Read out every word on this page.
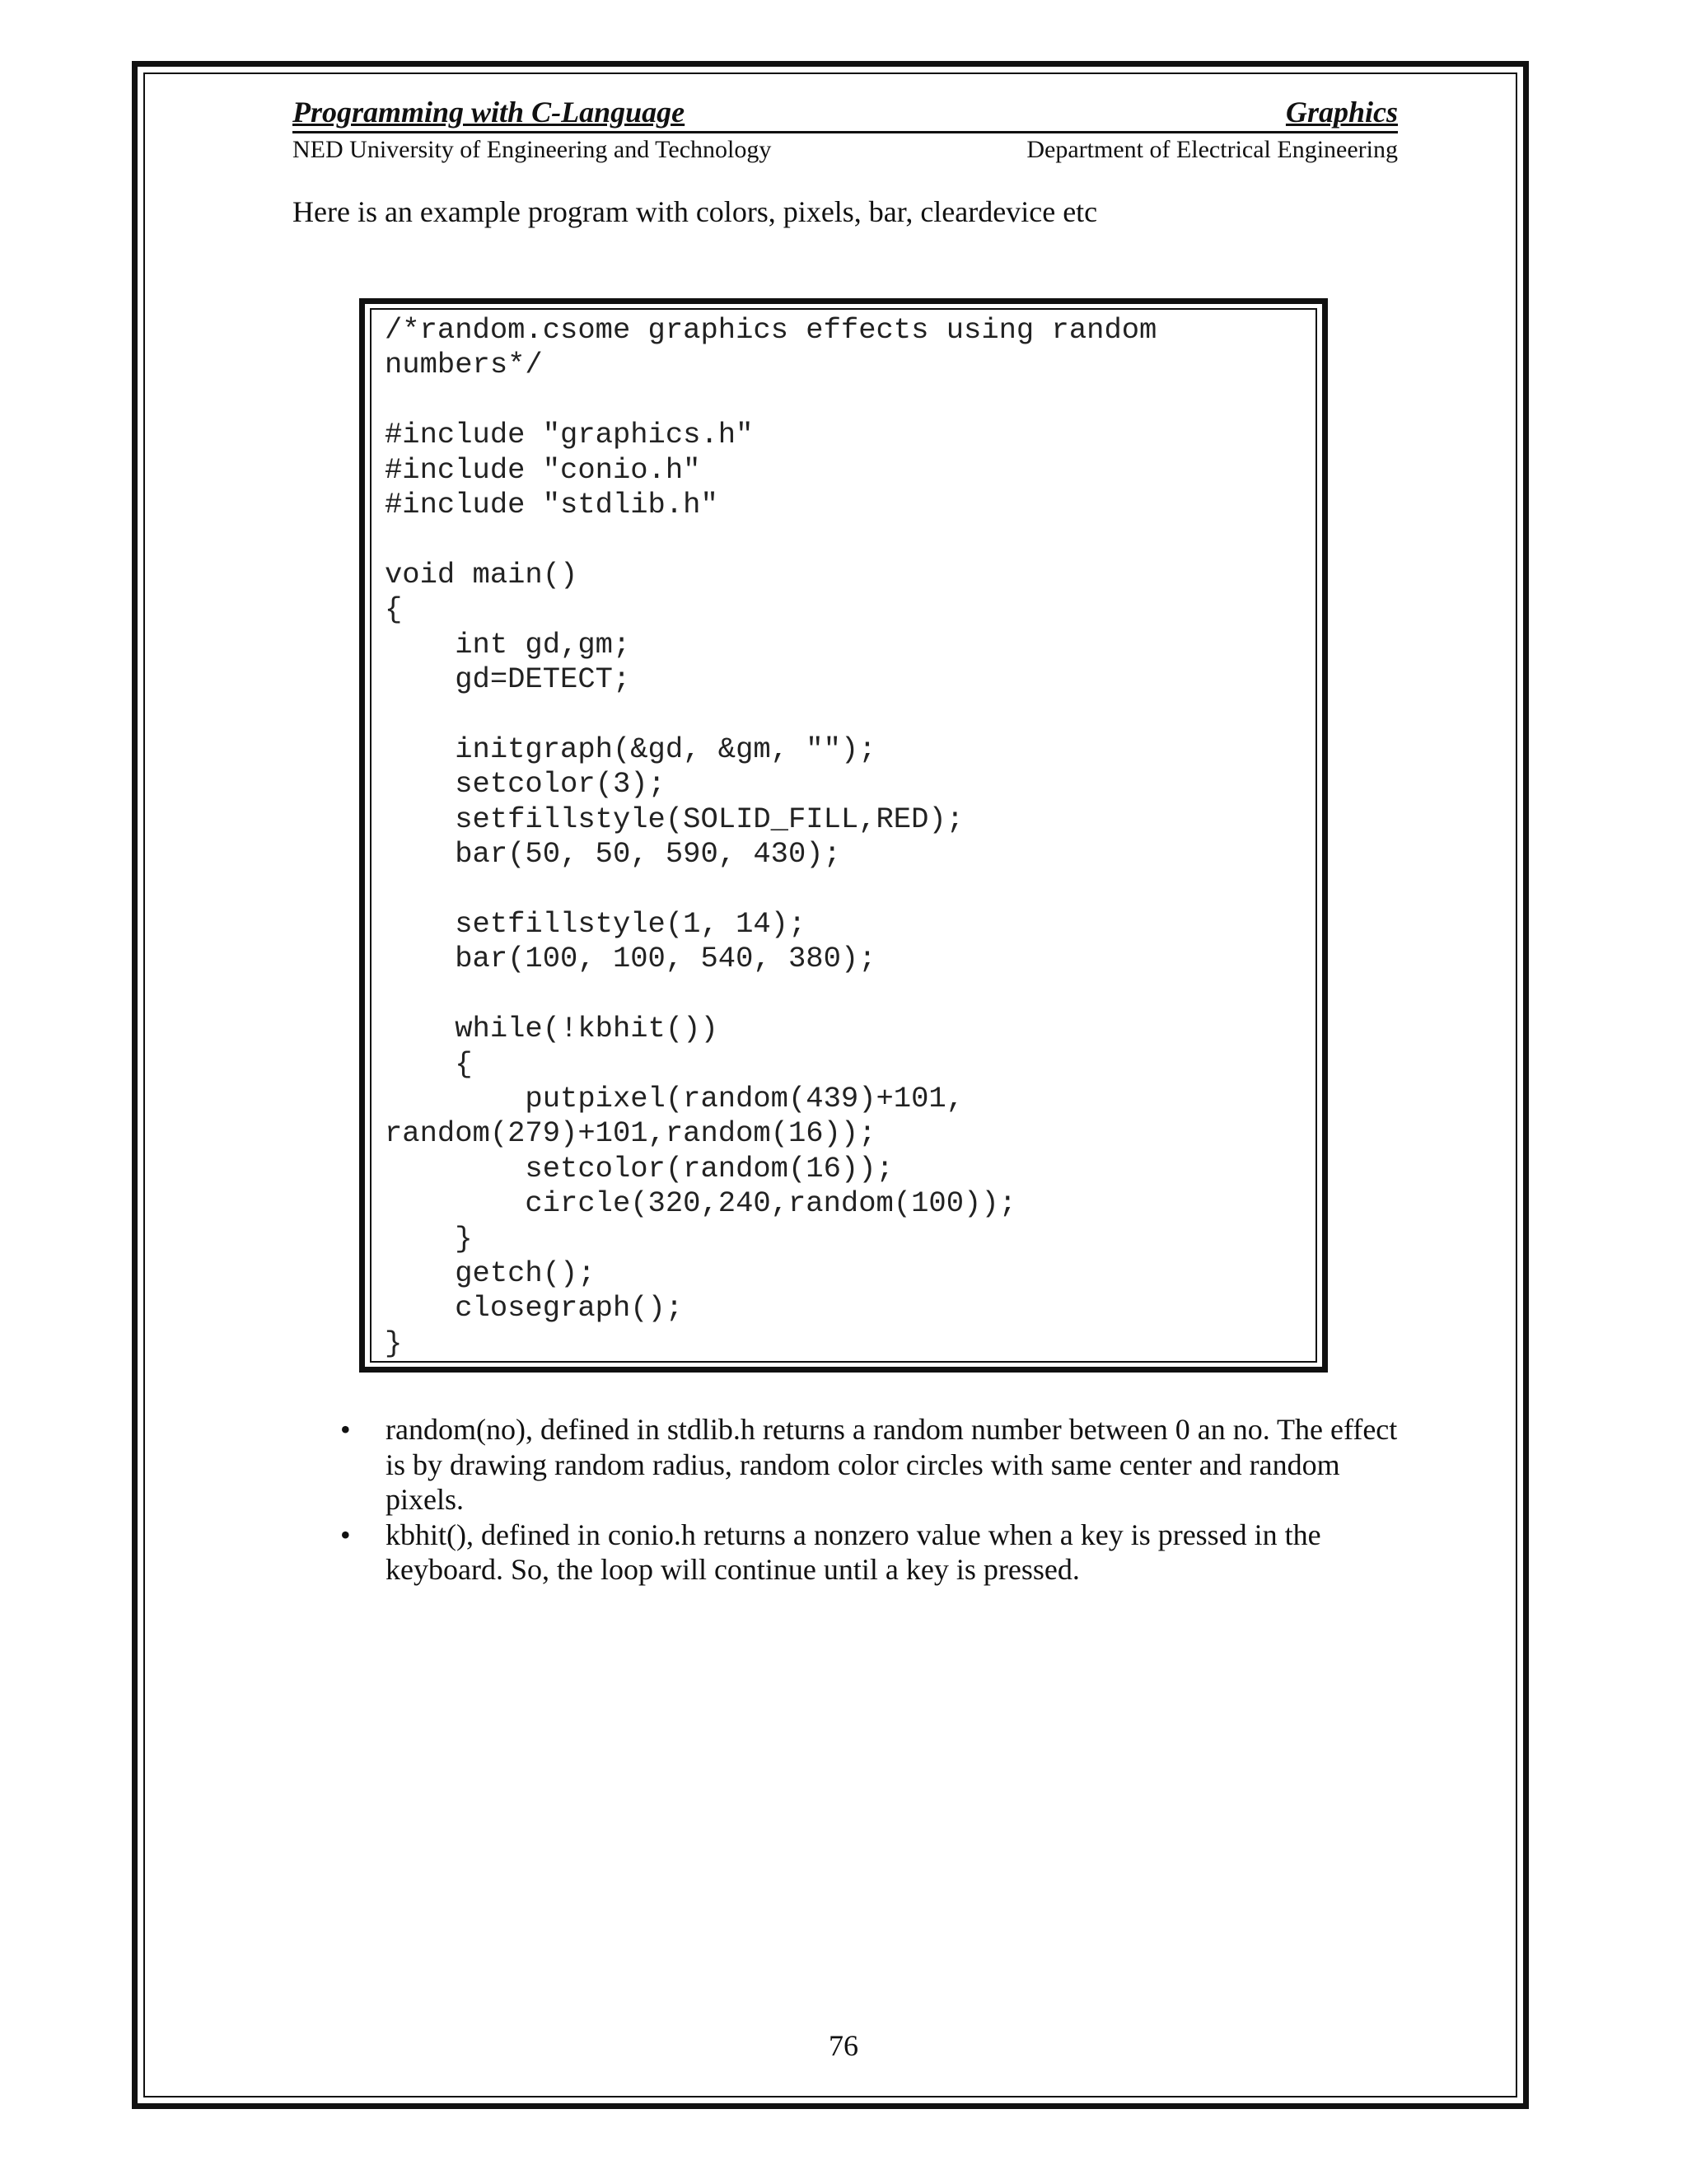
Programming with C-Language	Graphics
NED University of Engineering and Technology	Department of Electrical Engineering
Here is an example program with colors, pixels, bar, cleardevice etc
/*random.csome graphics effects using random
numbers*/

#include "graphics.h"
#include "conio.h"
#include "stdlib.h"

void main()
{
int gd,gm;
gd=DETECT;

initgraph(&gd, &gm, "");
setcolor(3);
setfillstyle(SOLID_FILL,RED);
bar(50, 50, 590, 430);

setfillstyle(1, 14);
bar(100, 100, 540, 380);

while(!kbhit())
{
putpixel(random(439)+101,
random(279)+101,random(16));
setcolor(random(16));
circle(320,240,random(100));
}
getch();
closegraph();
}
• random(no), defined in stdlib.h returns a random number between 0 an no. The effect is by drawing random radius, random color circles with same center and random pixels.
• kbhit(), defined in conio.h returns a nonzero value when a key is pressed in the keyboard. So, the loop will continue until a key is pressed.
76
